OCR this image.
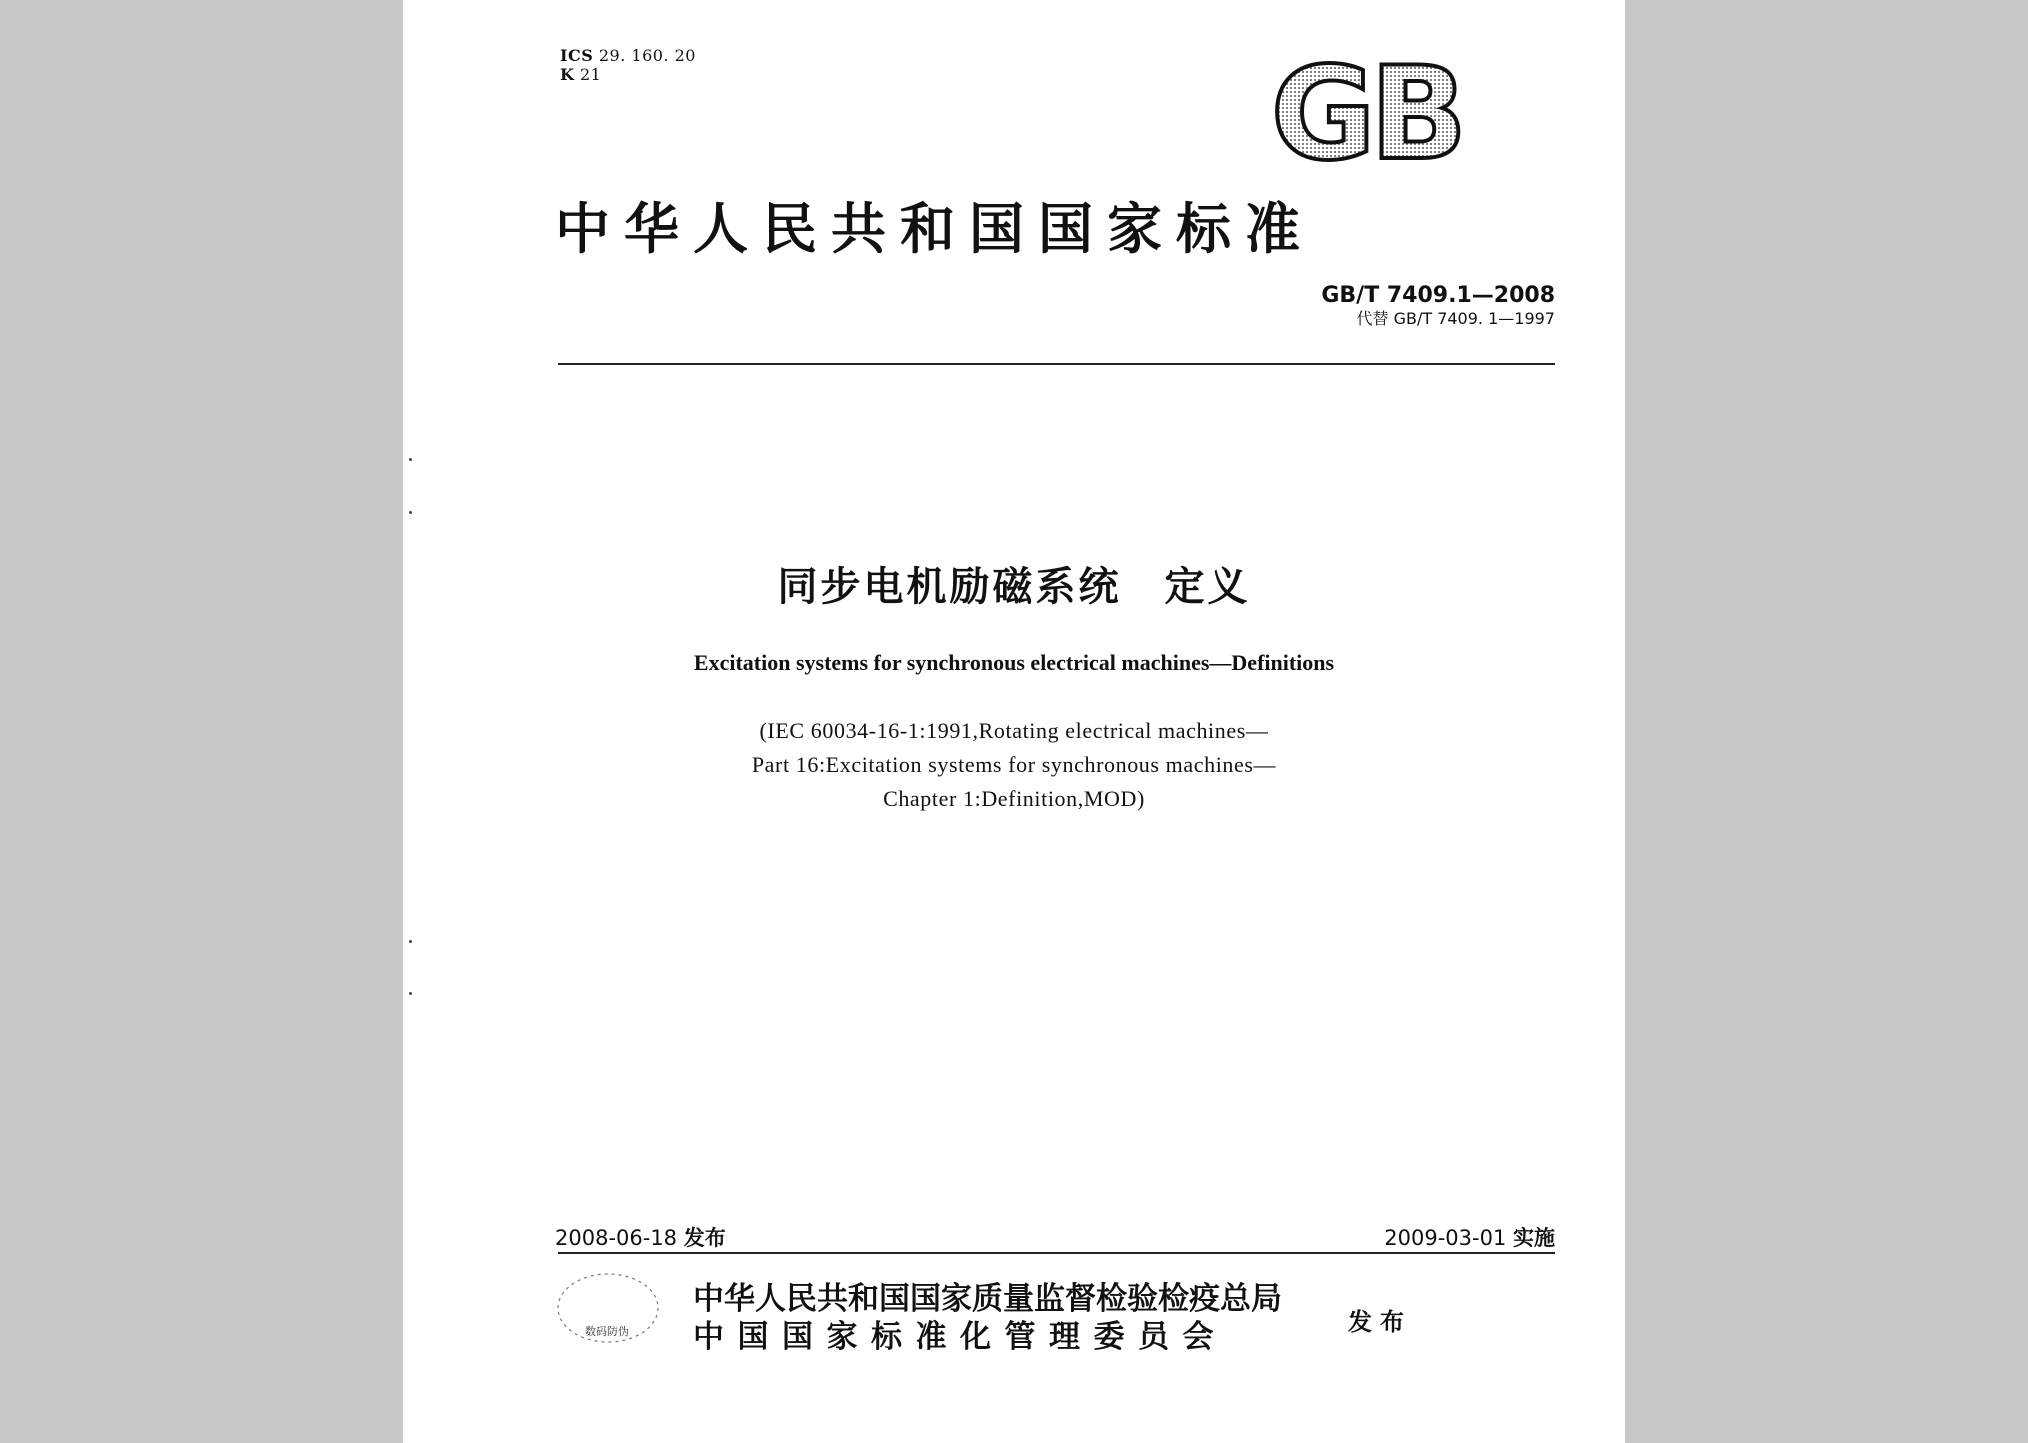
ICS 29. 160. 20
K 21	GB
中华人民共和国国家标准
GB/T 7409.1—2008
代替 GB/T 7409. 1—1997
同步电机励磁系统　定义
Excitation systems for synchronous electrical machines—Definitions
(IEC 60034-16-1:1991,Rotating electrical machines—
Part 16:Excitation systems for synchronous machines—
Chapter 1:Definition,MOD)
2008-06-18 发布	2009-03-01 实施
数码防伪
中华人民共和国国家质量监督检验检疫总局
中国国家标准化管理委员会	发布
